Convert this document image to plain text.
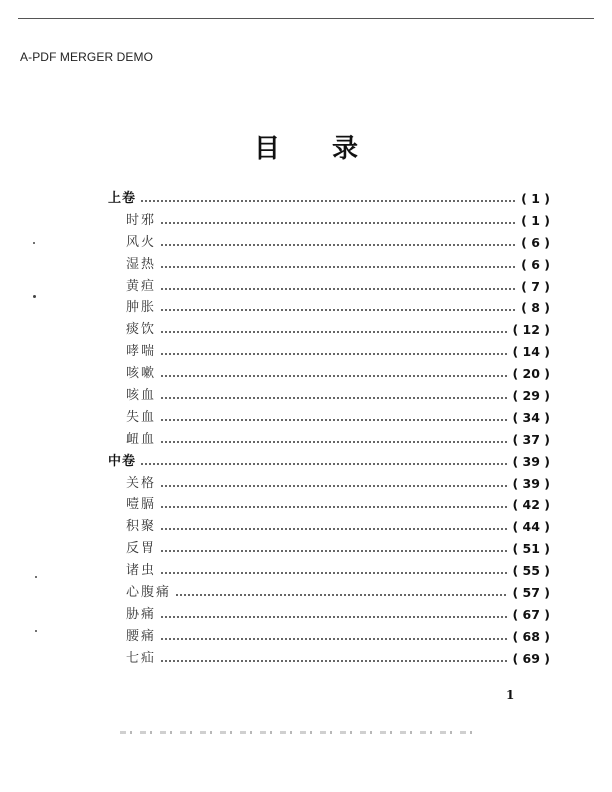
A-PDF MERGER DEMO
目 录
上卷	( 1 )
时邪	( 1 )
风火	( 6 )
湿热	( 6 )
黄疸	( 7 )
肿胀	( 8 )
痰饮	( 12 )
哮喘	( 14 )
咳嗽	( 20 )
咳血	( 29 )
失血	( 34 )
衄血	( 37 )
中卷	( 39 )
关格	( 39 )
噎膈	( 42 )
积聚	( 44 )
反胃	( 51 )
诸虫	( 55 )
心腹痛	( 57 )
胁痛	( 67 )
腰痛	( 68 )
七疝	( 69 )
1
